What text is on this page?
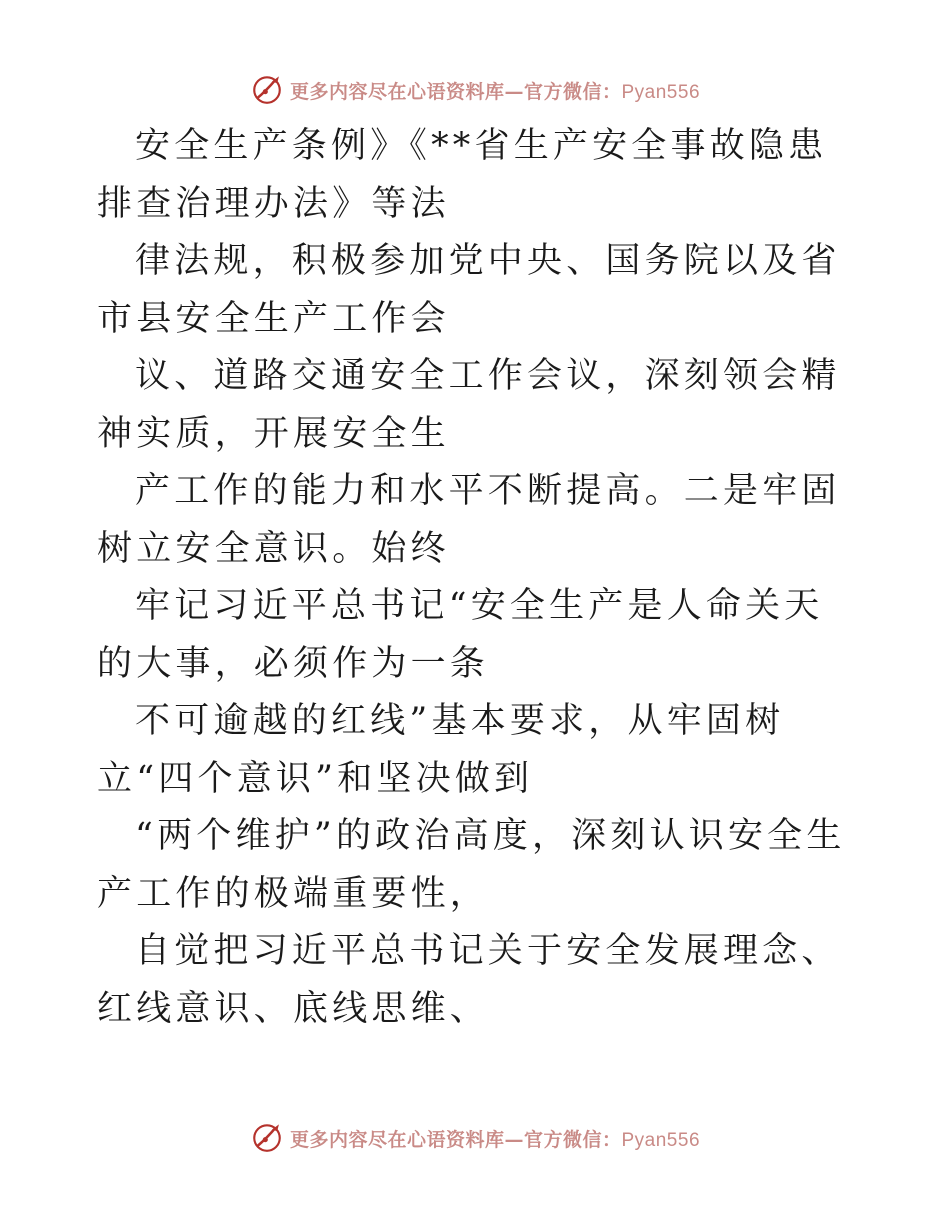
更多内容尽在心语资料库—官方微信：Pyan556

安全生产条例》《**省生产安全事故隐患排查治理办法》等法

律法规，积极参加党中央、国务院以及省市县安全生产工作会

议、道路交通安全工作会议，深刻领会精神实质，开展安全生

产工作的能力和水平不断提高。二是牢固树立安全意识。始终

牢记习近平总书记“安全生产是人命关天的大事，必须作为一条

不可逾越的红线”基本要求，从牢固树立“四个意识”和坚决做到

“两个维护”的政治高度，深刻认识安全生产工作的极端重要性，

自觉把习近平总书记关于安全发展理念、红线意识、底线思维、

更多内容尽在心语资料库—官方微信：Pyan556
